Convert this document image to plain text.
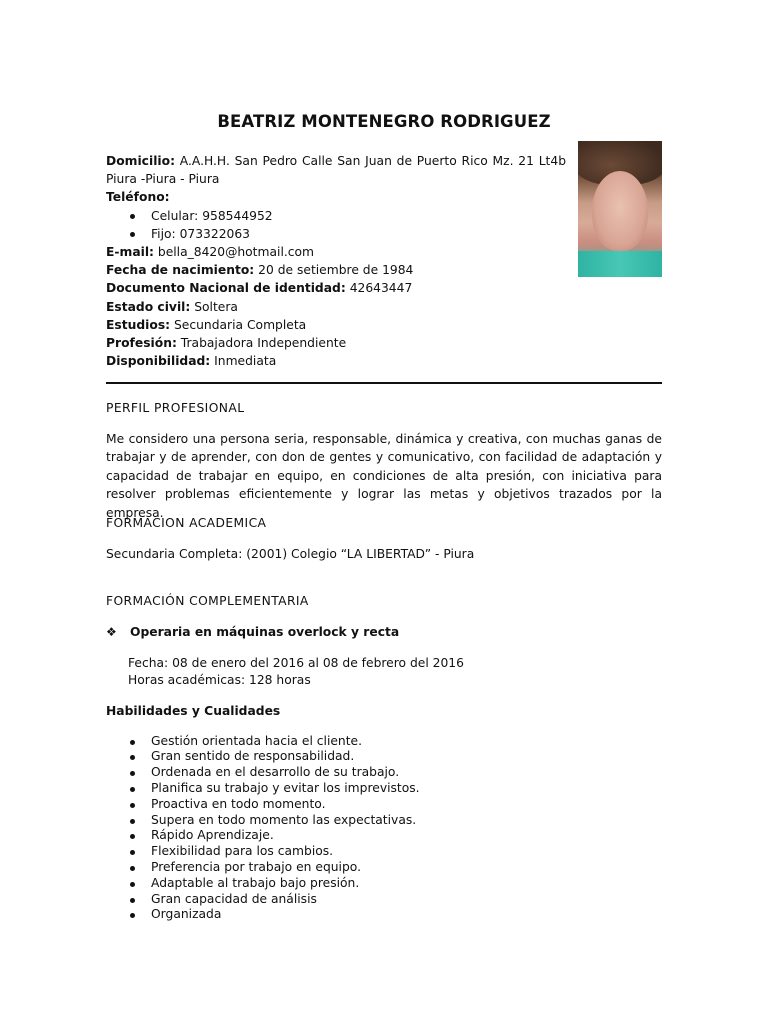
BEATRIZ MONTENEGRO RODRIGUEZ

Domicilio: A.A.H.H. San Pedro Calle San Juan de Puerto Rico Mz. 21 Lt4b

Piura -Piura - Piura

Teléfono:

Celular: 958544952
Fijo: 073322063

E-mail: bella_8420@hotmail.com

Fecha de nacimiento: 20 de setiembre de 1984

Documento Nacional de identidad: 42643447

Estado civil: Soltera

Estudios: Secundaria Completa

Profesión: Trabajadora Independiente

Disponibilidad: Inmediata

PERFIL PROFESIONAL
Me considero una persona seria, responsable, dinámica y creativa, con muchas ganas de trabajar y de aprender, con don de gentes y comunicativo, con facilidad de adaptación y capacidad de trabajar en equipo, en condiciones de alta presión, con iniciativa para resolver problemas eficientemente y lograr las metas y objetivos trazados por la empresa.
FORMACION ACADEMICA
Secundaria Completa: (2001) Colegio “LA LIBERTAD” - Piura
FORMACIÓN COMPLEMENTARIA
❖ Operaria en máquinas overlock y recta
Fecha: 08 de enero del 2016 al 08 de febrero del 2016
Horas académicas: 128 horas
Habilidades y Cualidades
Gestión orientada hacia el cliente.
Gran sentido de responsabilidad.
Ordenada en el desarrollo de su trabajo.
Planifica su trabajo y evitar los imprevistos.
Proactiva en todo momento.
Supera en todo momento las expectativas.
Rápido Aprendizaje.
Flexibilidad para los cambios.
Preferencia por trabajo en equipo.
Adaptable al trabajo bajo presión.
Gran capacidad de análisis
Organizada
